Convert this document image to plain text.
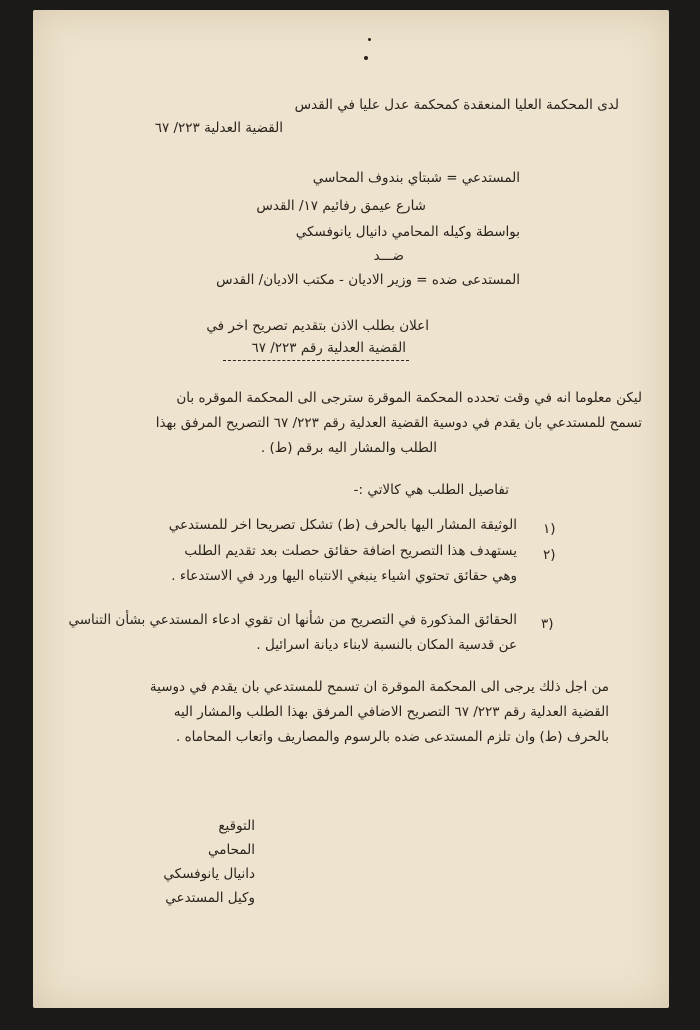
لدى المحكمة العليا المنعقدة كمحكمة عدل عليا في القدس
القضية العدلية ٢٢٣/ ٦٧
المستدعي = شبتاي بندوف المحاسي
شارع عيمق رفائيم ١٧/ القدس
بواسطة وكيله المحامي دانيال يانوفسكي
ضـــد
المستدعى ضده = وزير الاديان - مكتب الاديان/ القدس
اعلان بطلب الاذن بتقديم تصريح اخر في
القضية العدلية رقم ٢٢٣/ ٦٧
ليكن معلوما انه في وقت تحدده المحكمة الموقرة سترجى الى المحكمة الموقره بان
تسمح للمستدعي بان يقدم في دوسية القضية العدلية رقم ٢٢٣/ ٦٧ التصريح المرفق بهذا
الطلب والمشار اليه برقم (ط) .
تفاصيل الطلب هي كالاتي :-
١)
الوثيقة المشار اليها بالحرف (ط) تشكل تصريحا اخر للمستدعي
٢)
يستهدف هذا التصريح اضافة حقائق حصلت بعد تقديم الطلب
وهي حقائق تحتوي اشياء ينبغي الانتباه اليها ورد في الاستدعاء .
٣)
الحقائق المذكورة في التصريح من شأنها ان تقوي ادعاء المستدعي بشأن التناسي
عن قدسية المكان بالنسبة لابناء ديانة اسرائيل .
من اجل ذلك يرجى الى المحكمة الموقرة ان تسمح للمستدعي بان يقدم في دوسية
القضية العدلية رقم ٢٢٣/ ٦٧ التصريح الاضافي المرفق بهذا الطلب والمشار اليه
بالحرف (ط) وان تلزم المستدعى ضده بالرسوم والمصاريف واتعاب المحاماه .
التوقيع
المحامي
دانيال يانوفسكي
وكيل المستدعي
